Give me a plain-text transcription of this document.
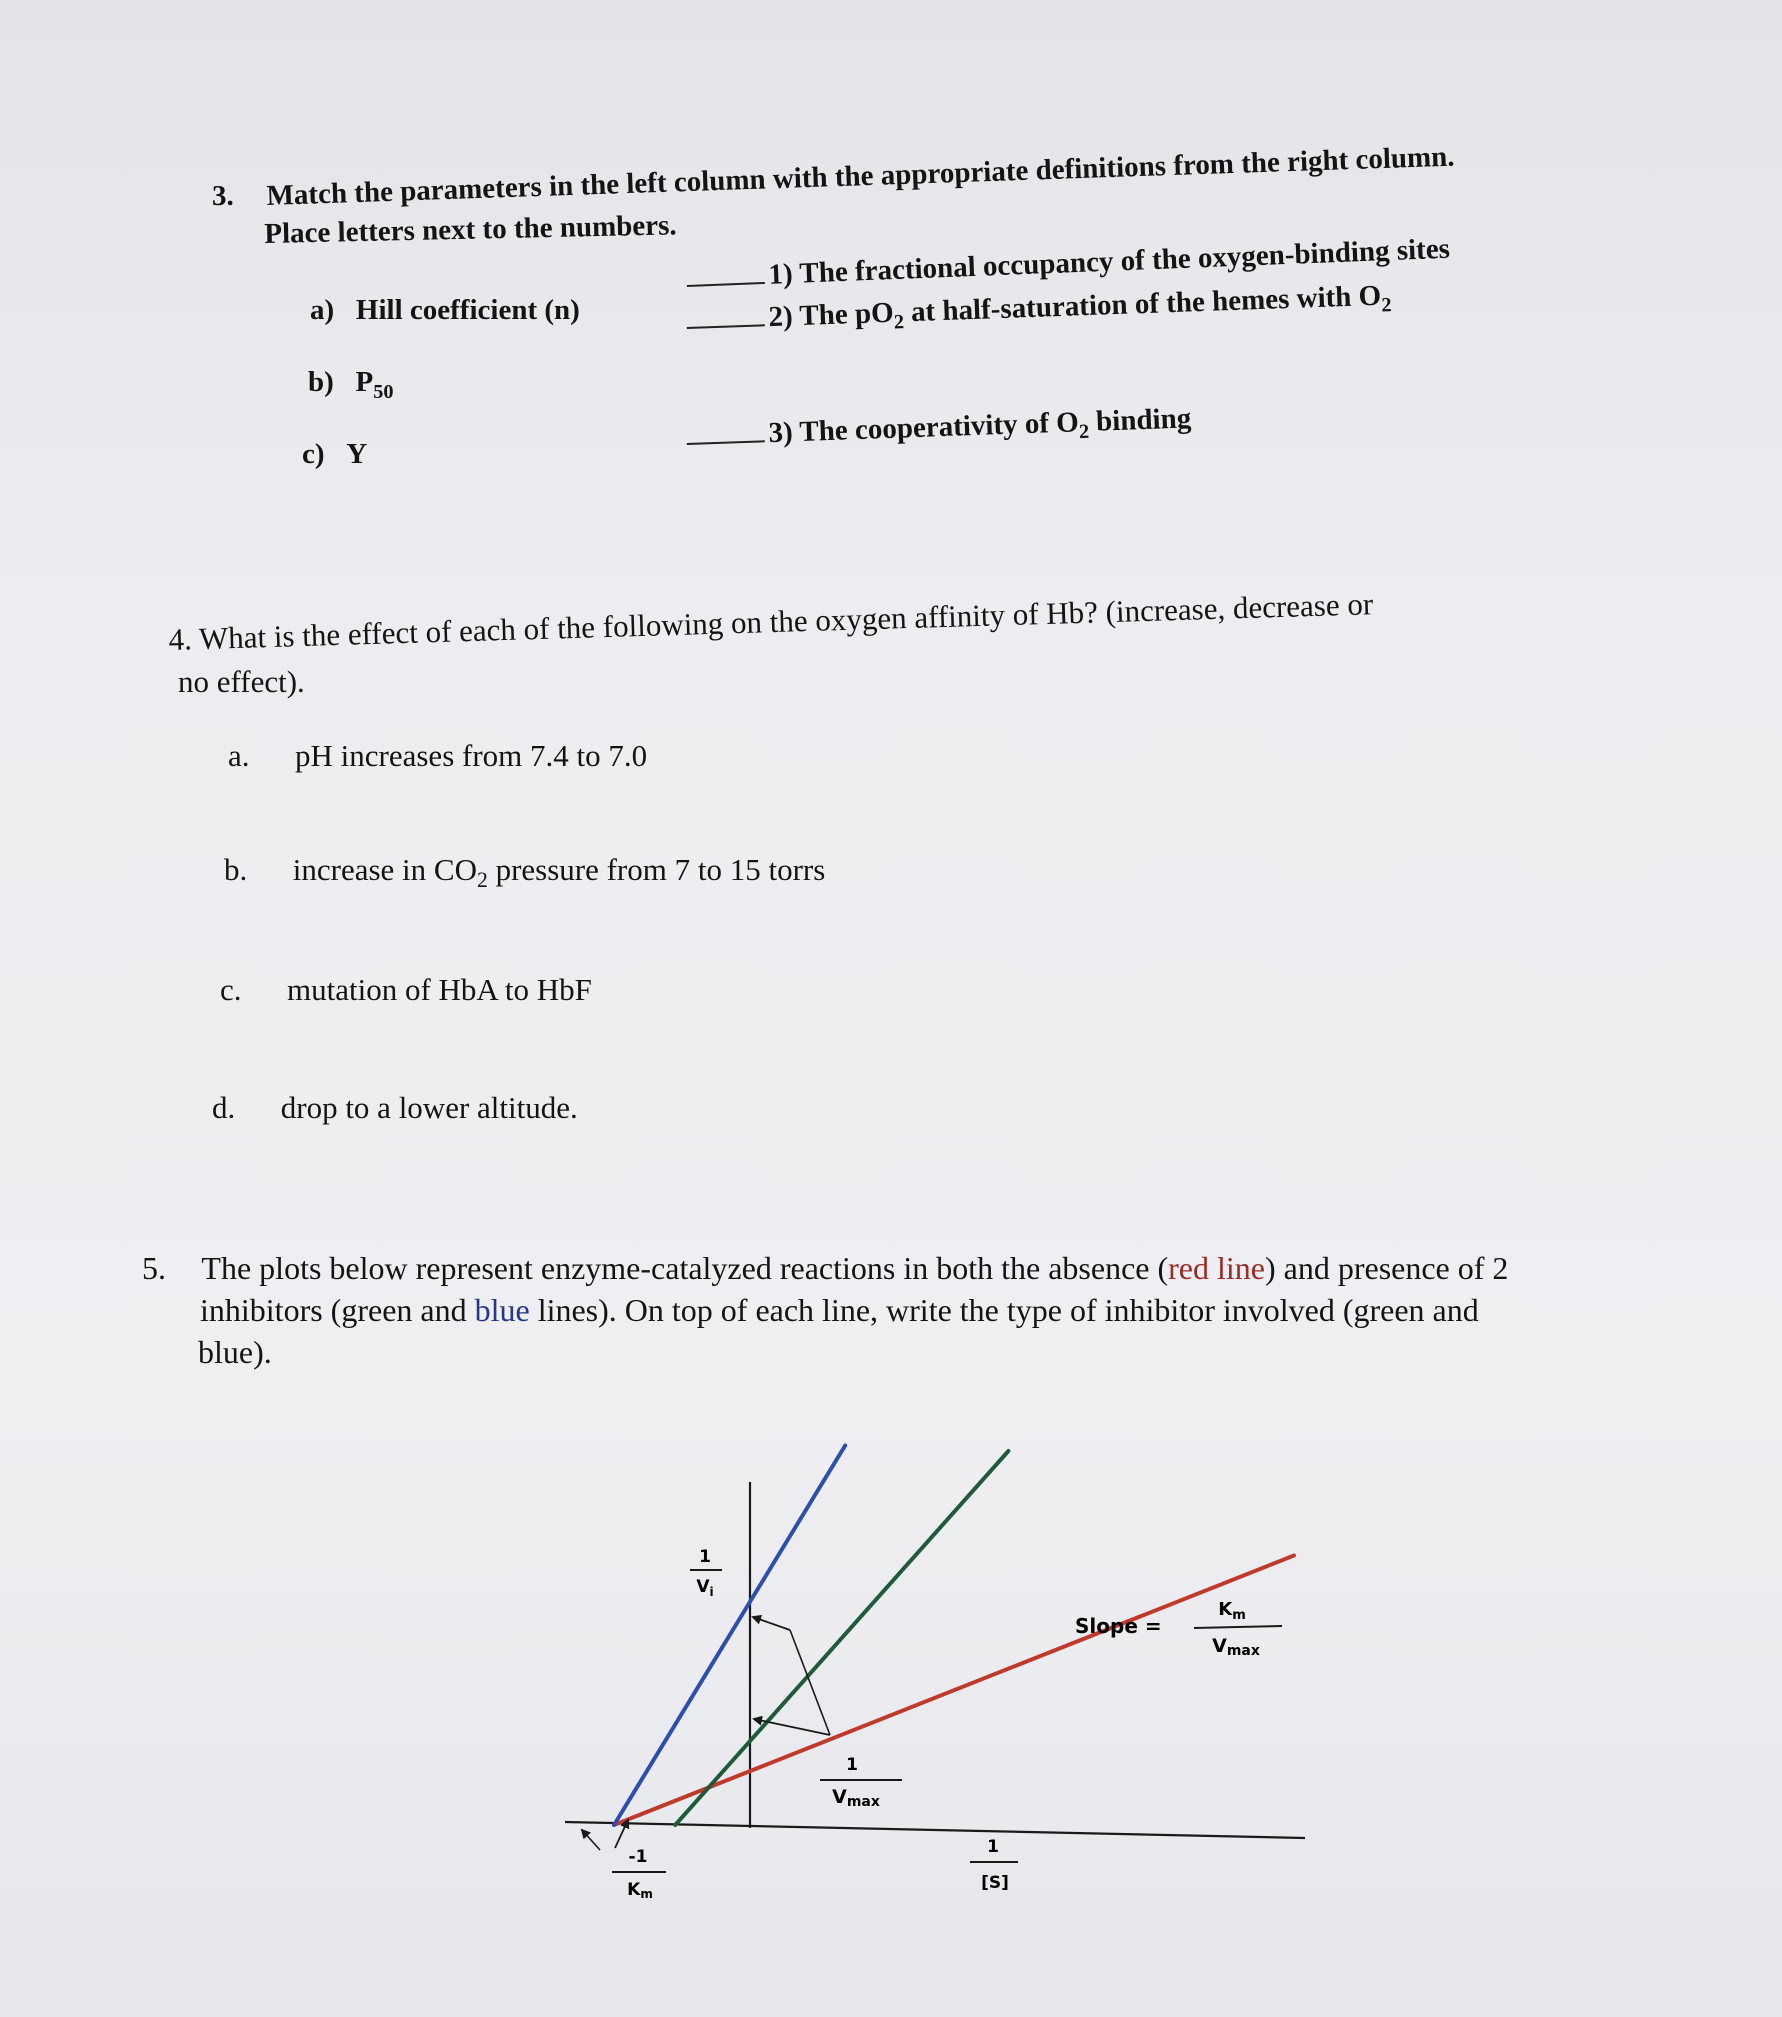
3. Match the parameters in the left column with the appropriate definitions from the right column.
Place letters next to the numbers.
a) Hill coefficient (n)
b) $P_{50}$
c) Y
1) The fractional occupancy of the oxygen-binding sites
2) The $pO_2$ at half-saturation of the hemes with $O_2$
3) The cooperativity of $O_2$ binding
4. What is the effect of each of the following on the oxygen affinity of Hb? (increase, decrease or
no effect).
a. pH increases from 7.4 to 7.0
b. increase in $CO_2$ pressure from 7 to 15 torrs
c. mutation of HbA to HbF
d. drop to a lower altitude.
5. The plots below represent enzyme-catalyzed reactions in both the absence (red line) and presence of 2
inhibitors (green and blue lines). On top of each line, write the type of inhibitor involved (green and
blue).
1
$V_i$
1
Vmax
-1
Km
1
[S]
Slope =
$K_m$
Vmax
